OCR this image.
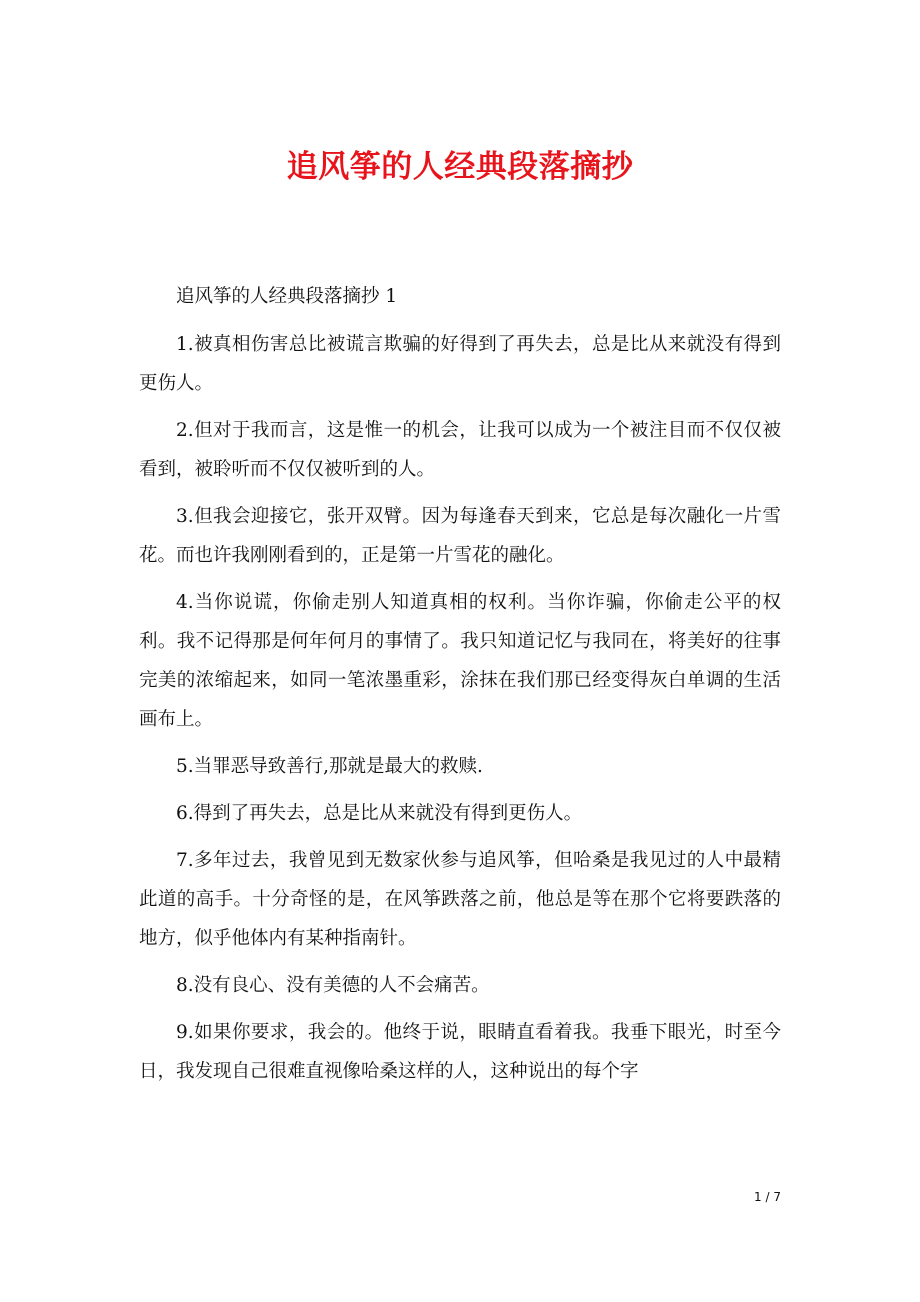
追风筝的人经典段落摘抄

追风筝的人经典段落摘抄 1

1.被真相伤害总比被谎言欺骗的好得到了再失去，总是比从来就没有得到更伤人。

2.但对于我而言，这是惟一的机会，让我可以成为一个被注目而不仅仅被看到，被聆听而不仅仅被听到的人。

3.但我会迎接它，张开双臂。因为每逢春天到来，它总是每次融化一片雪花。而也许我刚刚看到的，正是第一片雪花的融化。

4.当你说谎，你偷走别人知道真相的权利。当你诈骗，你偷走公平的权利。我不记得那是何年何月的事情了。我只知道记忆与我同在，将美好的往事完美的浓缩起来，如同一笔浓墨重彩，涂抹在我们那已经变得灰白单调的生活画布上。

5.当罪恶导致善行,那就是最大的救赎.

6.得到了再失去，总是比从来就没有得到更伤人。

7.多年过去，我曾见到无数家伙参与追风筝，但哈桑是我见过的人中最精此道的高手。十分奇怪的是，在风筝跌落之前，他总是等在那个它将要跌落的地方，似乎他体内有某种指南针。

8.没有良心、没有美德的人不会痛苦。

9.如果你要求，我会的。他终于说，眼睛直看着我。我垂下眼光，时至今日，我发现自己很难直视像哈桑这样的人，这种说出的每个字

1 / 7
